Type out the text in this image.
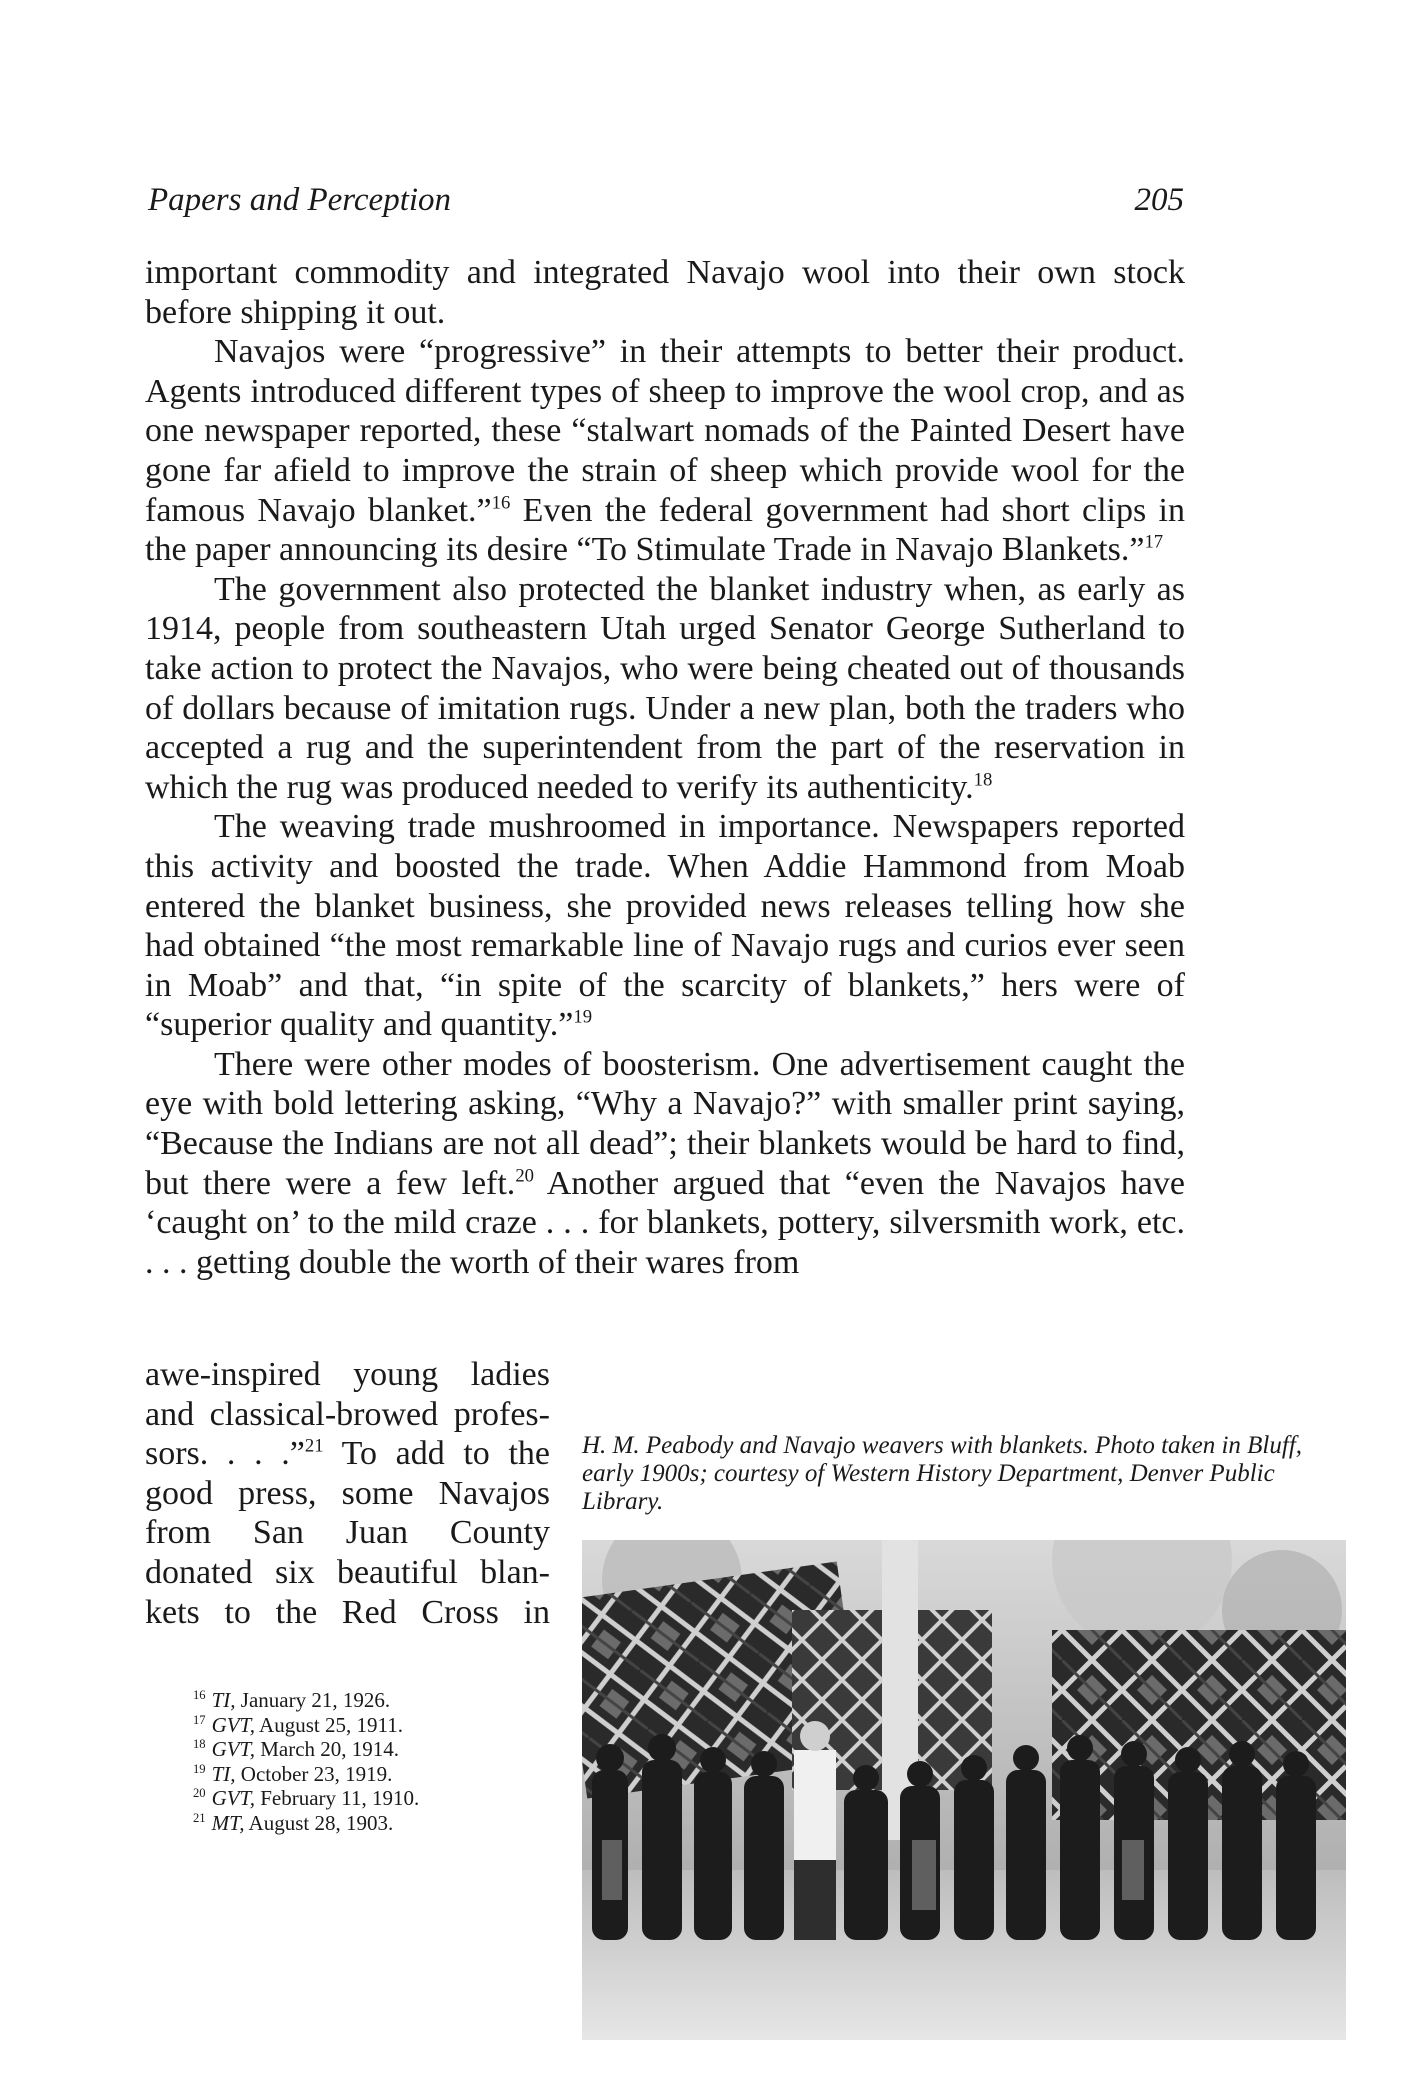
Papers and Perception	205

important commodity and integrated Navajo wool into their own stock before shipping it out.

Navajos were “progressive” in their attempts to better their product. Agents introduced different types of sheep to improve the wool crop, and as one newspaper reported, these “stalwart nomads of the Painted Desert have gone far afield to improve the strain of sheep which provide wool for the famous Navajo blanket.”$^{16}$ Even the federal government had short clips in the paper announcing its desire “To Stimulate Trade in Navajo Blankets.”$^{17}$

The government also protected the blanket industry when, as early as 1914, people from southeastern Utah urged Senator George Sutherland to take action to protect the Navajos, who were being cheated out of thousands of dollars because of imitation rugs. Under a new plan, both the traders who accepted a rug and the superintendent from the part of the reservation in which the rug was produced needed to verify its authenticity.$^{18}$

The weaving trade mushroomed in importance. Newspapers reported this activity and boosted the trade. When Addie Hammond from Moab entered the blanket business, she provided news releases telling how she had obtained “the most remarkable line of Navajo rugs and curios ever seen in Moab” and that, “in spite of the scarcity of blankets,” hers were of “superior quality and quantity.”$^{19}$

There were other modes of boosterism. One advertisement caught the eye with bold lettering asking, “Why a Navajo?” with smaller print saying, “Because the Indians are not all dead”; their blankets would be hard to find, but there were a few left.$^{20}$ Another argued that “even the Navajos have ‘caught on’ to the mild craze . . . for blankets, pottery, silversmith work, etc. . . . getting double the worth of their wares from

awe-inspired young ladies
and classical-browed profes-
sors. . . .”$^{21}$ To add to the
good press, some Navajos
from San Juan County
donated six beautiful blan-
kets to the Red Cross in
H. M. Peabody and Navajo weavers with blankets. Photo taken in Bluff, early 1900s; courtesy of Western History Department, Denver Public Library.
$^{16}$ TI, January 21, 1926.
$^{17}$ GVT, August 25, 1911.
$^{18}$ GVT, March 20, 1914.
$^{19}$ TI, October 23, 1919.
$^{20}$ GVT, February 11, 1910.
$^{21}$ MT, August 28, 1903.
